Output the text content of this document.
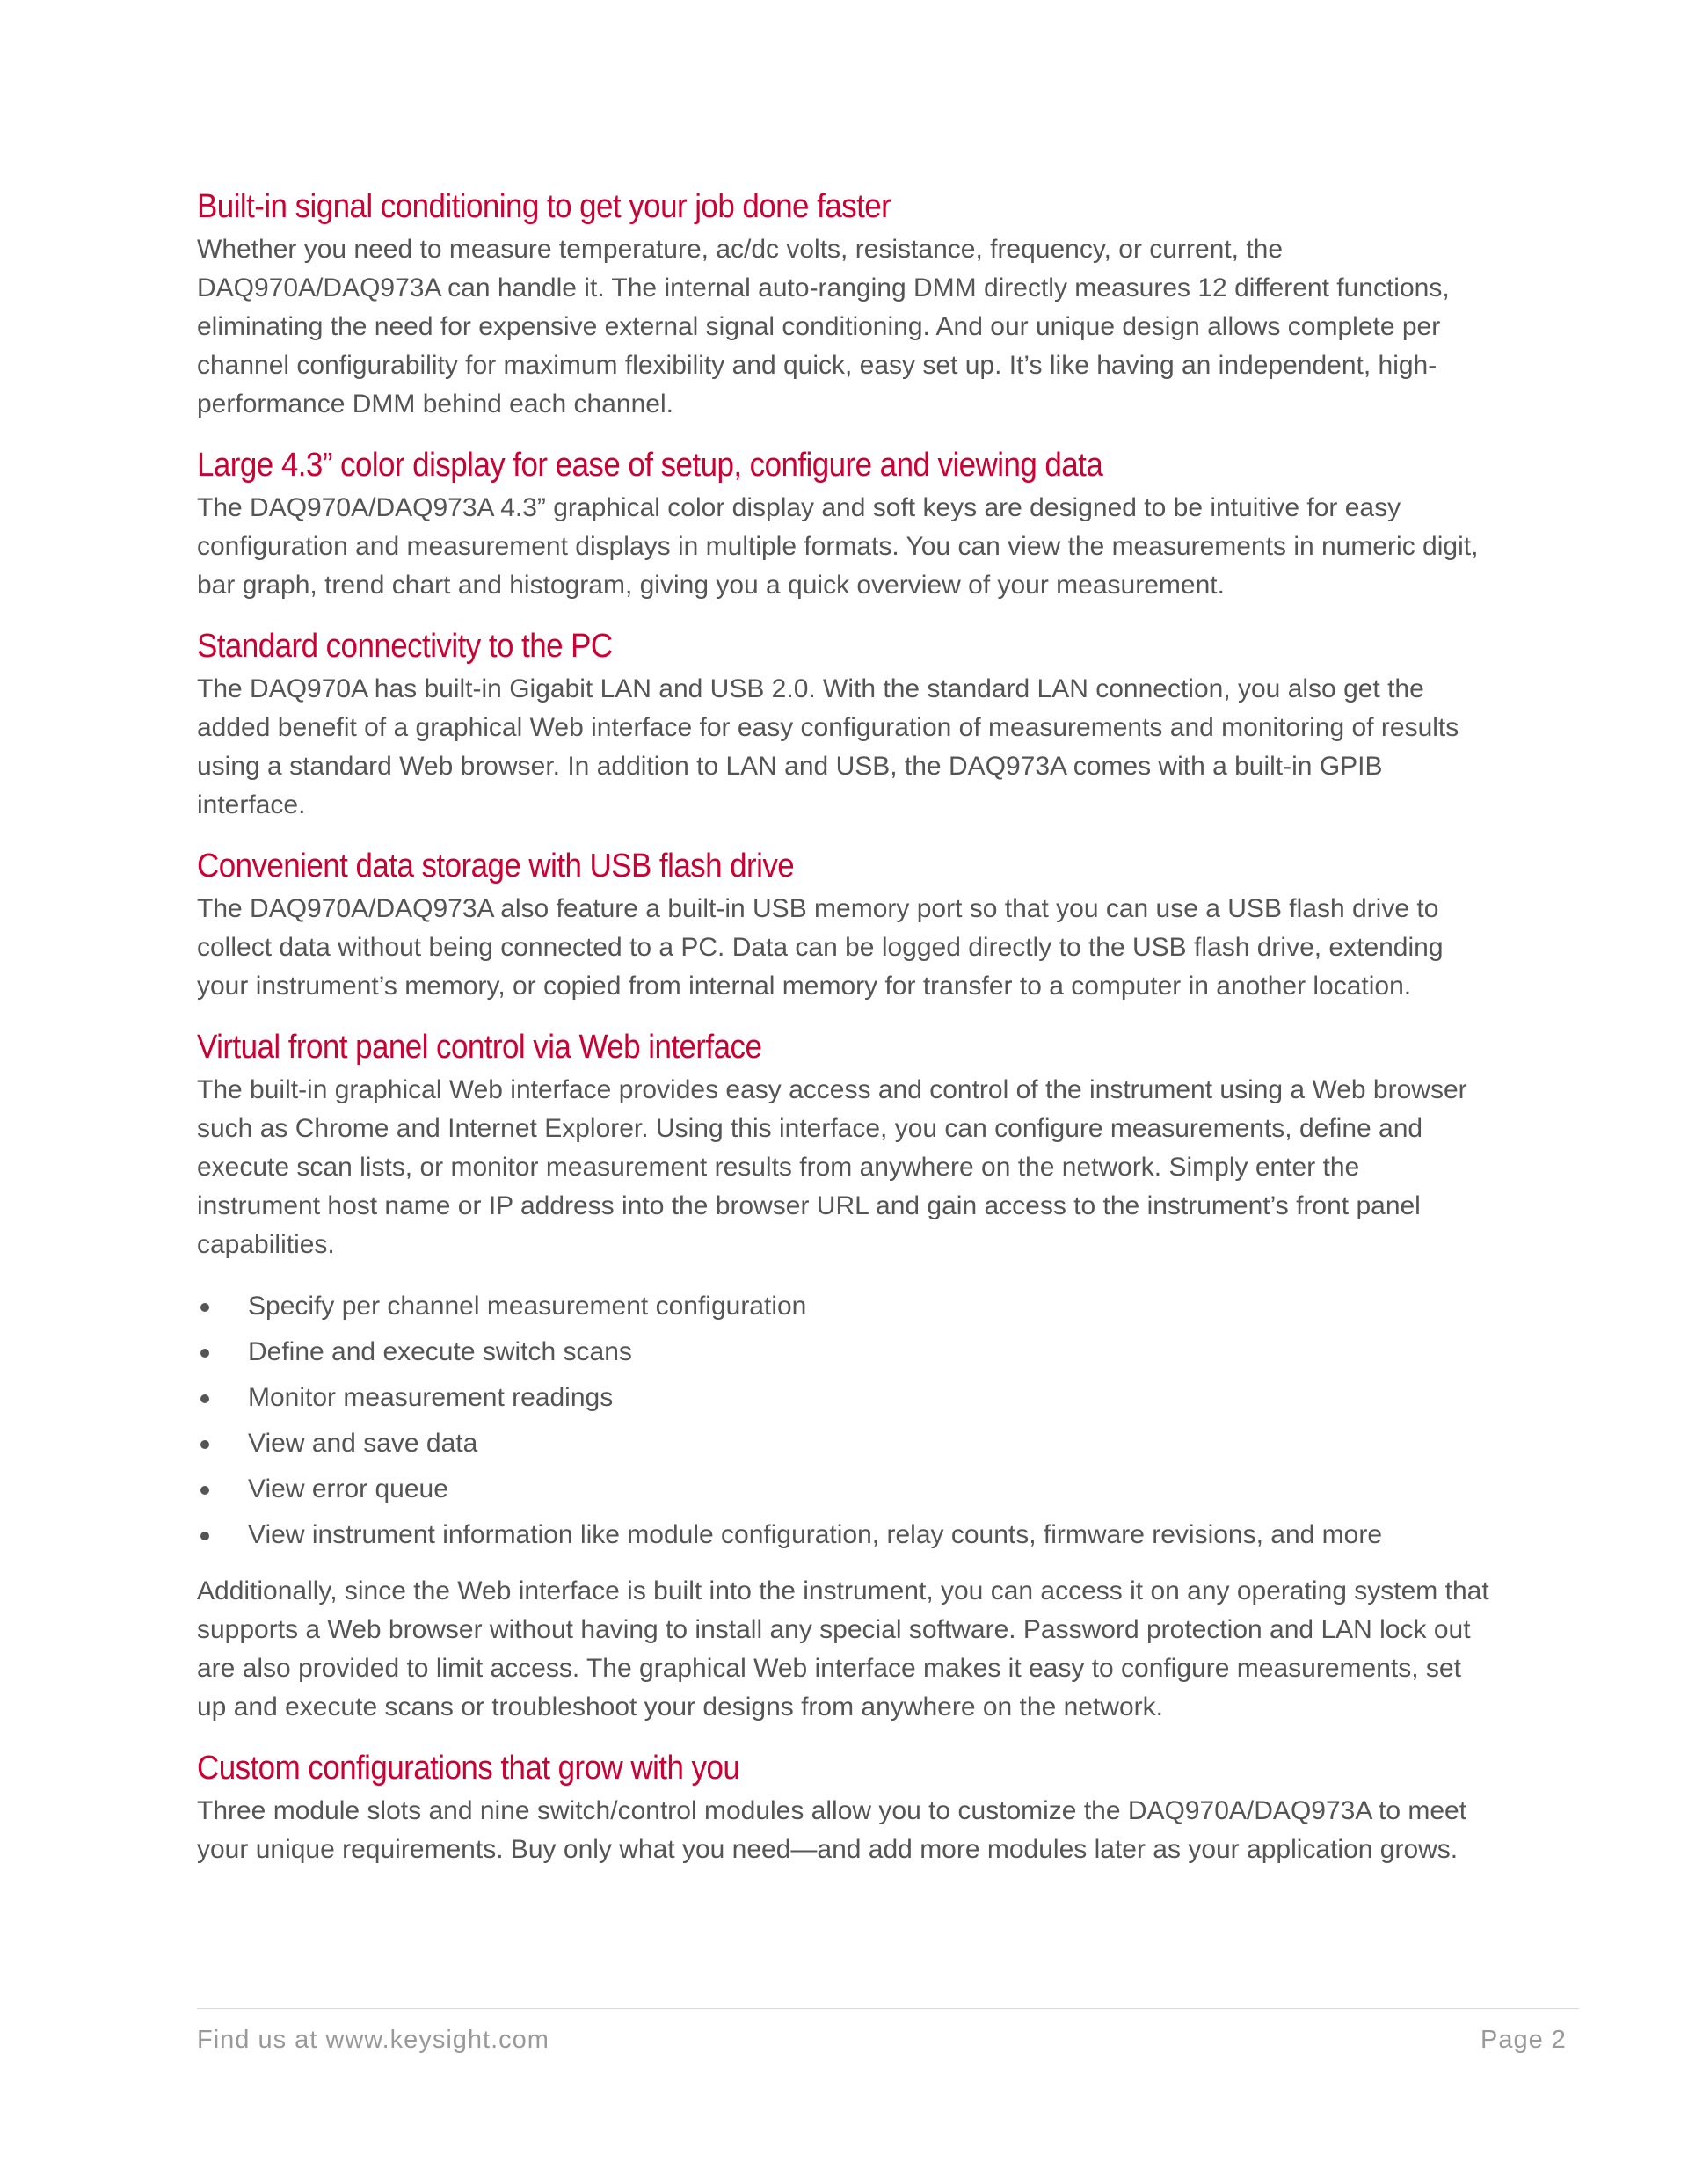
Built-in signal conditioning to get your job done faster

Whether you need to measure temperature, ac/dc volts, resistance, frequency, or current, the DAQ970A/DAQ973A can handle it. The internal auto-ranging DMM directly measures 12 different functions, eliminating the need for expensive external signal conditioning. And our unique design allows complete per channel configurability for maximum flexibility and quick, easy set up. It’s like having an independent, high-performance DMM behind each channel.

Large 4.3” color display for ease of setup, configure and viewing data

The DAQ970A/DAQ973A 4.3” graphical color display and soft keys are designed to be intuitive for easy configuration and measurement displays in multiple formats. You can view the measurements in numeric digit, bar graph, trend chart and histogram, giving you a quick overview of your measurement.

Standard connectivity to the PC

The DAQ970A has built-in Gigabit LAN and USB 2.0. With the standard LAN connection, you also get the added benefit of a graphical Web interface for easy configuration of measurements and monitoring of results using a standard Web browser. In addition to LAN and USB, the DAQ973A comes with a built-in GPIB interface.

Convenient data storage with USB flash drive

The DAQ970A/DAQ973A also feature a built-in USB memory port so that you can use a USB flash drive to collect data without being connected to a PC. Data can be logged directly to the USB flash drive, extending your instrument’s memory, or copied from internal memory for transfer to a computer in another location.

Virtual front panel control via Web interface

The built-in graphical Web interface provides easy access and control of the instrument using a Web browser such as Chrome and Internet Explorer. Using this interface, you can configure measurements, define and execute scan lists, or monitor measurement results from anywhere on the network. Simply enter the instrument host name or IP address into the browser URL and gain access to the instrument’s front panel capabilities.

Specify per channel measurement configuration
Define and execute switch scans
Monitor measurement readings
View and save data
View error queue
View instrument information like module configuration, relay counts, firmware revisions, and more

Additionally, since the Web interface is built into the instrument, you can access it on any operating system that supports a Web browser without having to install any special software. Password protection and LAN lock out are also provided to limit access. The graphical Web interface makes it easy to configure measurements, set up and execute scans or troubleshoot your designs from anywhere on the network.

Custom configurations that grow with you

Three module slots and nine switch/control modules allow you to customize the DAQ970A/DAQ973A to meet your unique requirements. Buy only what you need—and add more modules later as your application grows.

Find us at www.keysight.com	Page 2
